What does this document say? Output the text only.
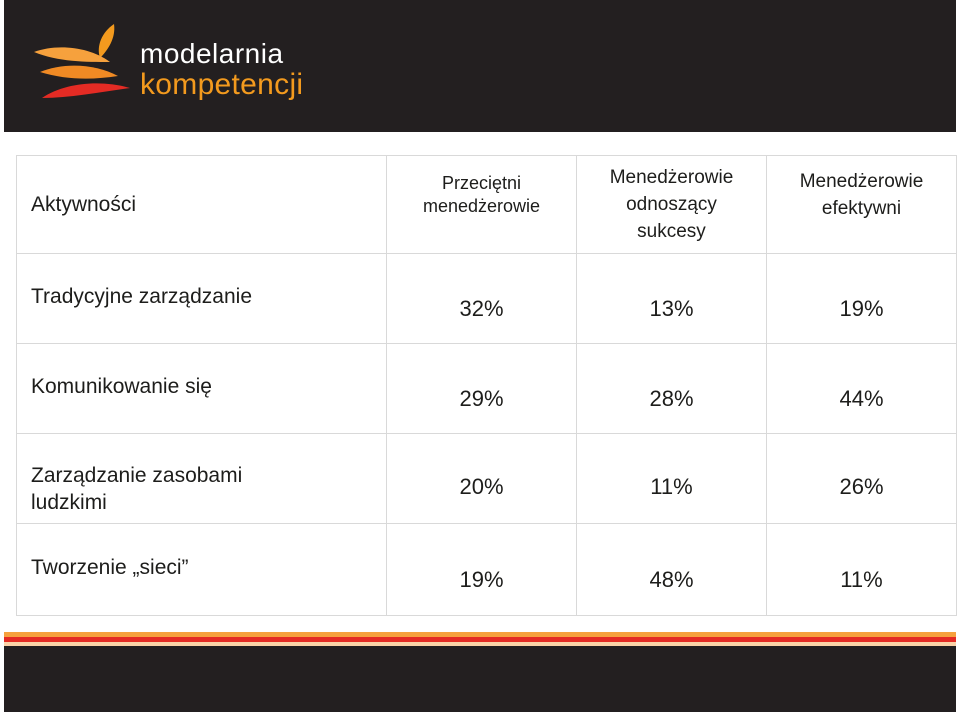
modelarnia
kompetencji
Aktywności	Przeciętni menedżerowie	Menedżerowie odnoszący sukcesy	Menedżerowie efektywni

Tradycyjne zarządzanie	32%	13%	19%
Komunikowanie się	29%	28%	44%

Zarządzanie zasobami ludzkimi	20%	11%	26%
Tworzenie „sieci”	19%	48%	11%
